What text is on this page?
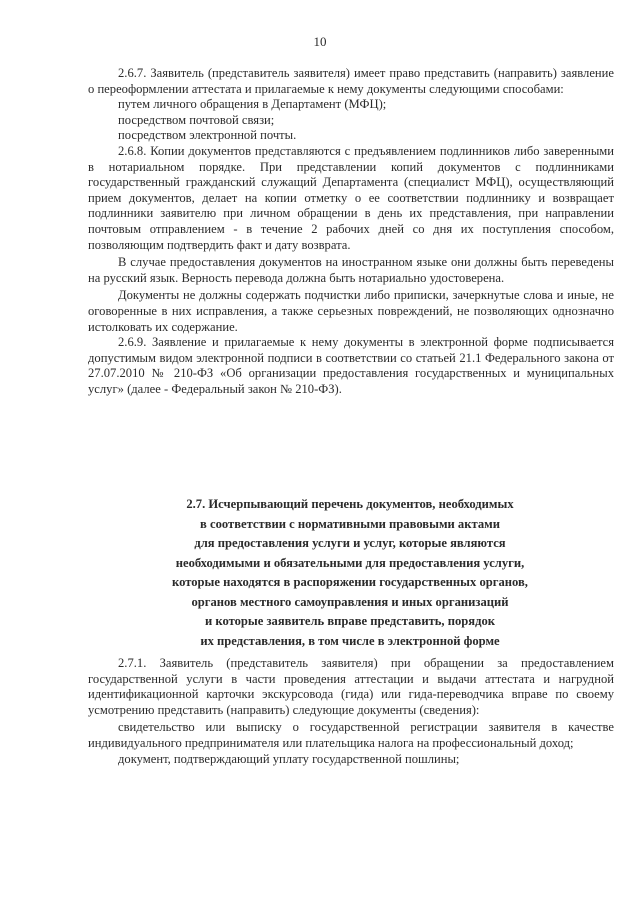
10

2.6.7. Заявитель (представитель заявителя) имеет право представить (направить) заявление о переоформлении аттестата и прилагаемые к нему документы следующими способами:

путем личного обращения в Департамент (МФЦ);

посредством почтовой связи;

посредством электронной почты.

2.6.8. Копии документов представляются с предъявлением подлинников либо заверенными в нотариальном порядке. При представлении копий документов с подлинниками государственный гражданский служащий Департамента (специалист МФЦ), осуществляющий прием документов, делает на копии отметку о ее соответствии подлиннику и возвращает подлинники заявителю при личном обращении в день их представления, при направлении почтовым отправлением - в течение 2 рабочих дней со дня их поступления способом, позволяющим подтвердить факт и дату возврата.

В случае предоставления документов на иностранном языке они должны быть переведены на русский язык. Верность перевода должна быть нотариально удостоверена.

Документы не должны содержать подчистки либо приписки, зачеркнутые слова и иные, не оговоренные в них исправления, а также серьезных повреждений, не позволяющих однозначно истолковать их содержание.

2.6.9. Заявление и прилагаемые к нему документы в электронной форме подписывается допустимым видом электронной подписи в соответствии со статьей 21.1 Федерального закона от 27.07.2010 № 210-ФЗ «Об организации предоставления государственных и муниципальных услуг» (далее - Федеральный закон № 210-ФЗ).

2.7. Исчерпывающий перечень документов, необходимых
в соответствии с нормативными правовыми актами
для предоставления услуги и услуг, которые являются
необходимыми и обязательными для предоставления услуги,
которые находятся в распоряжении государственных органов,
органов местного самоуправления и иных организаций
и которые заявитель вправе представить, порядок
их представления, в том числе в электронной форме

2.7.1. Заявитель (представитель заявителя) при обращении за предоставлением государственной услуги в части проведения аттестации и выдачи аттестата и нагрудной идентификационной карточки экскурсовода (гида) или гида-переводчика вправе по своему усмотрению представить (направить) следующие документы (сведения):

свидетельство или выписку о государственной регистрации заявителя в качестве индивидуального предпринимателя или плательщика налога на профессиональный доход;

документ, подтверждающий уплату государственной пошлины;
